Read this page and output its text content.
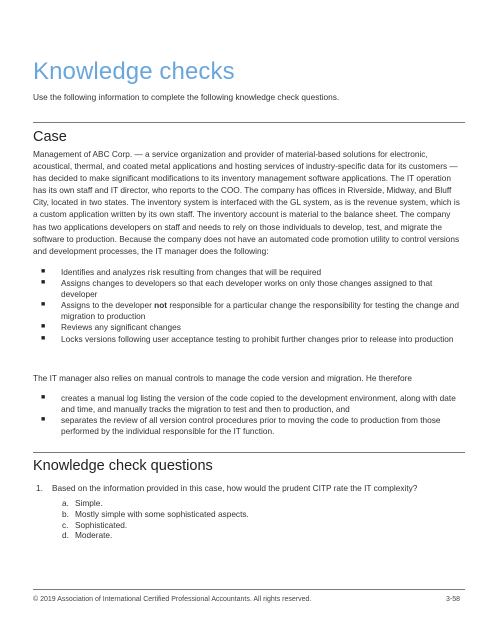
Knowledge checks
Use the following information to complete the following knowledge check questions.
Case
Management of ABC Corp. — a service organization and provider of material-based solutions for electronic, acoustical, thermal, and coated metal applications and hosting services of industry-specific data for its customers — has decided to make significant modifications to its inventory management software applications. The IT operation has its own staff and IT director, who reports to the COO. The company has offices in Riverside, Midway, and Bluff City, located in two states. The inventory system is interfaced with the GL system, as is the revenue system, which is a custom application written by its own staff. The inventory account is material to the balance sheet. The company has two applications developers on staff and needs to rely on those individuals to develop, test, and migrate the software to production. Because the company does not have an automated code promotion utility to control versions and development processes, the IT manager does the following:
■ Identifies and analyzes risk resulting from changes that will be required
■ Assigns changes to developers so that each developer works on only those changes assigned to that developer
■ Assigns to the developer not responsible for a particular change the responsibility for testing the change and migration to production
■ Reviews any significant changes
■ Locks versions following user acceptance testing to prohibit further changes prior to release into production
The IT manager also relies on manual controls to manage the code version and migration. He therefore
■ creates a manual log listing the version of the code copied to the development environment, along with date and time, and manually tracks the migration to test and then to production, and
■ separates the review of all version control procedures prior to moving the code to production from those performed by the individual responsible for the IT function.
Knowledge check questions
1. Based on the information provided in this case, how would the prudent CITP rate the IT complexity?
a. Simple.
b. Mostly simple with some sophisticated aspects.
c. Sophisticated.
d. Moderate.
© 2019 Association of International Certified Professional Accountants. All rights reserved.	3-58
